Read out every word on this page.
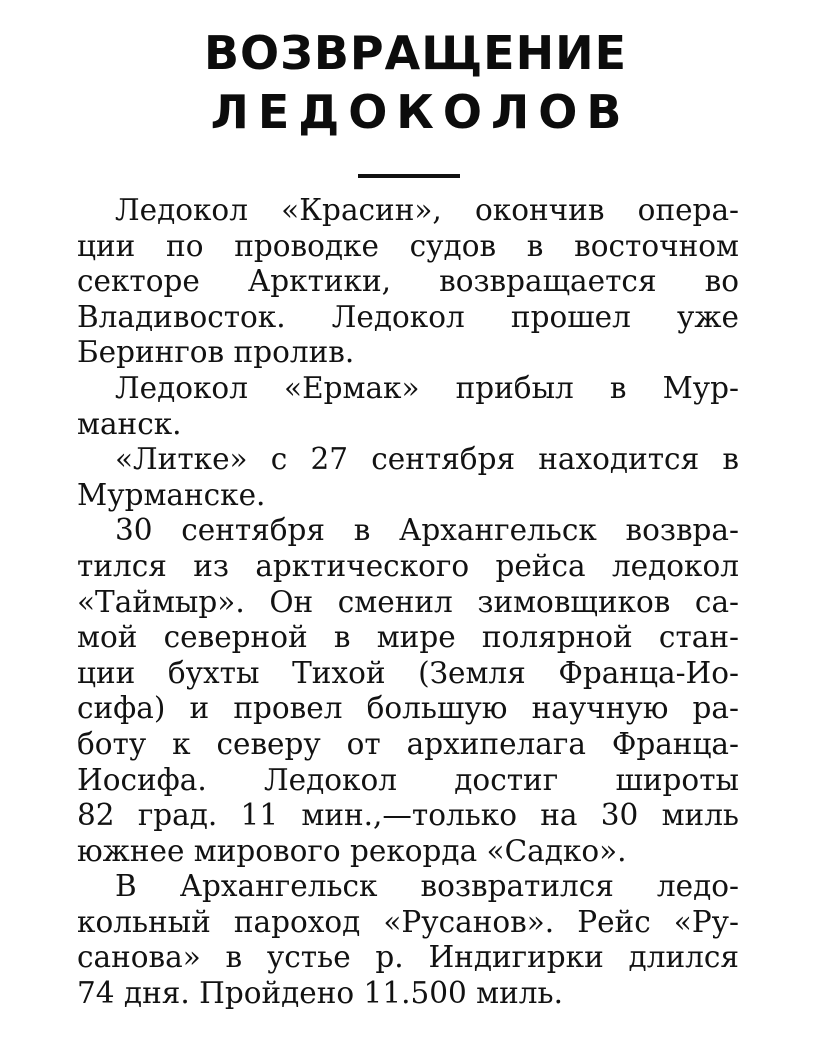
ВОЗВРАЩЕНИЕ
ЛЕДОКОЛОВ
Ледокол «Красин», окончив опера-
ции по проводке судов в восточном
секторе Арктики, возвращается во
Владивосток. Ледокол прошел уже
Берингов пролив.
Ледокол «Ермак» прибыл в Мур-
манск.
«Литке» с 27 сентября находится в
Мурманске.
30 сентября в Архангельск возвра-
тился из арктического рейса ледокол
«Таймыр». Он сменил зимовщиков са-
мой северной в мире полярной стан-
ции бухты Тихой (Земля Франца-Ио-
сифа) и провел большую научную ра-
боту к северу от архипелага Франца-
Иосифа. Ледокол достиг широты
82 град. 11 мин.,—только на 30 миль
южнее мирового рекорда «Садко».
В Архангельск возвратился ледо-
кольный пароход «Русанов». Рейс «Ру-
санова» в устье р. Индигирки длился
74 дня. Пройдено 11.500 миль.
